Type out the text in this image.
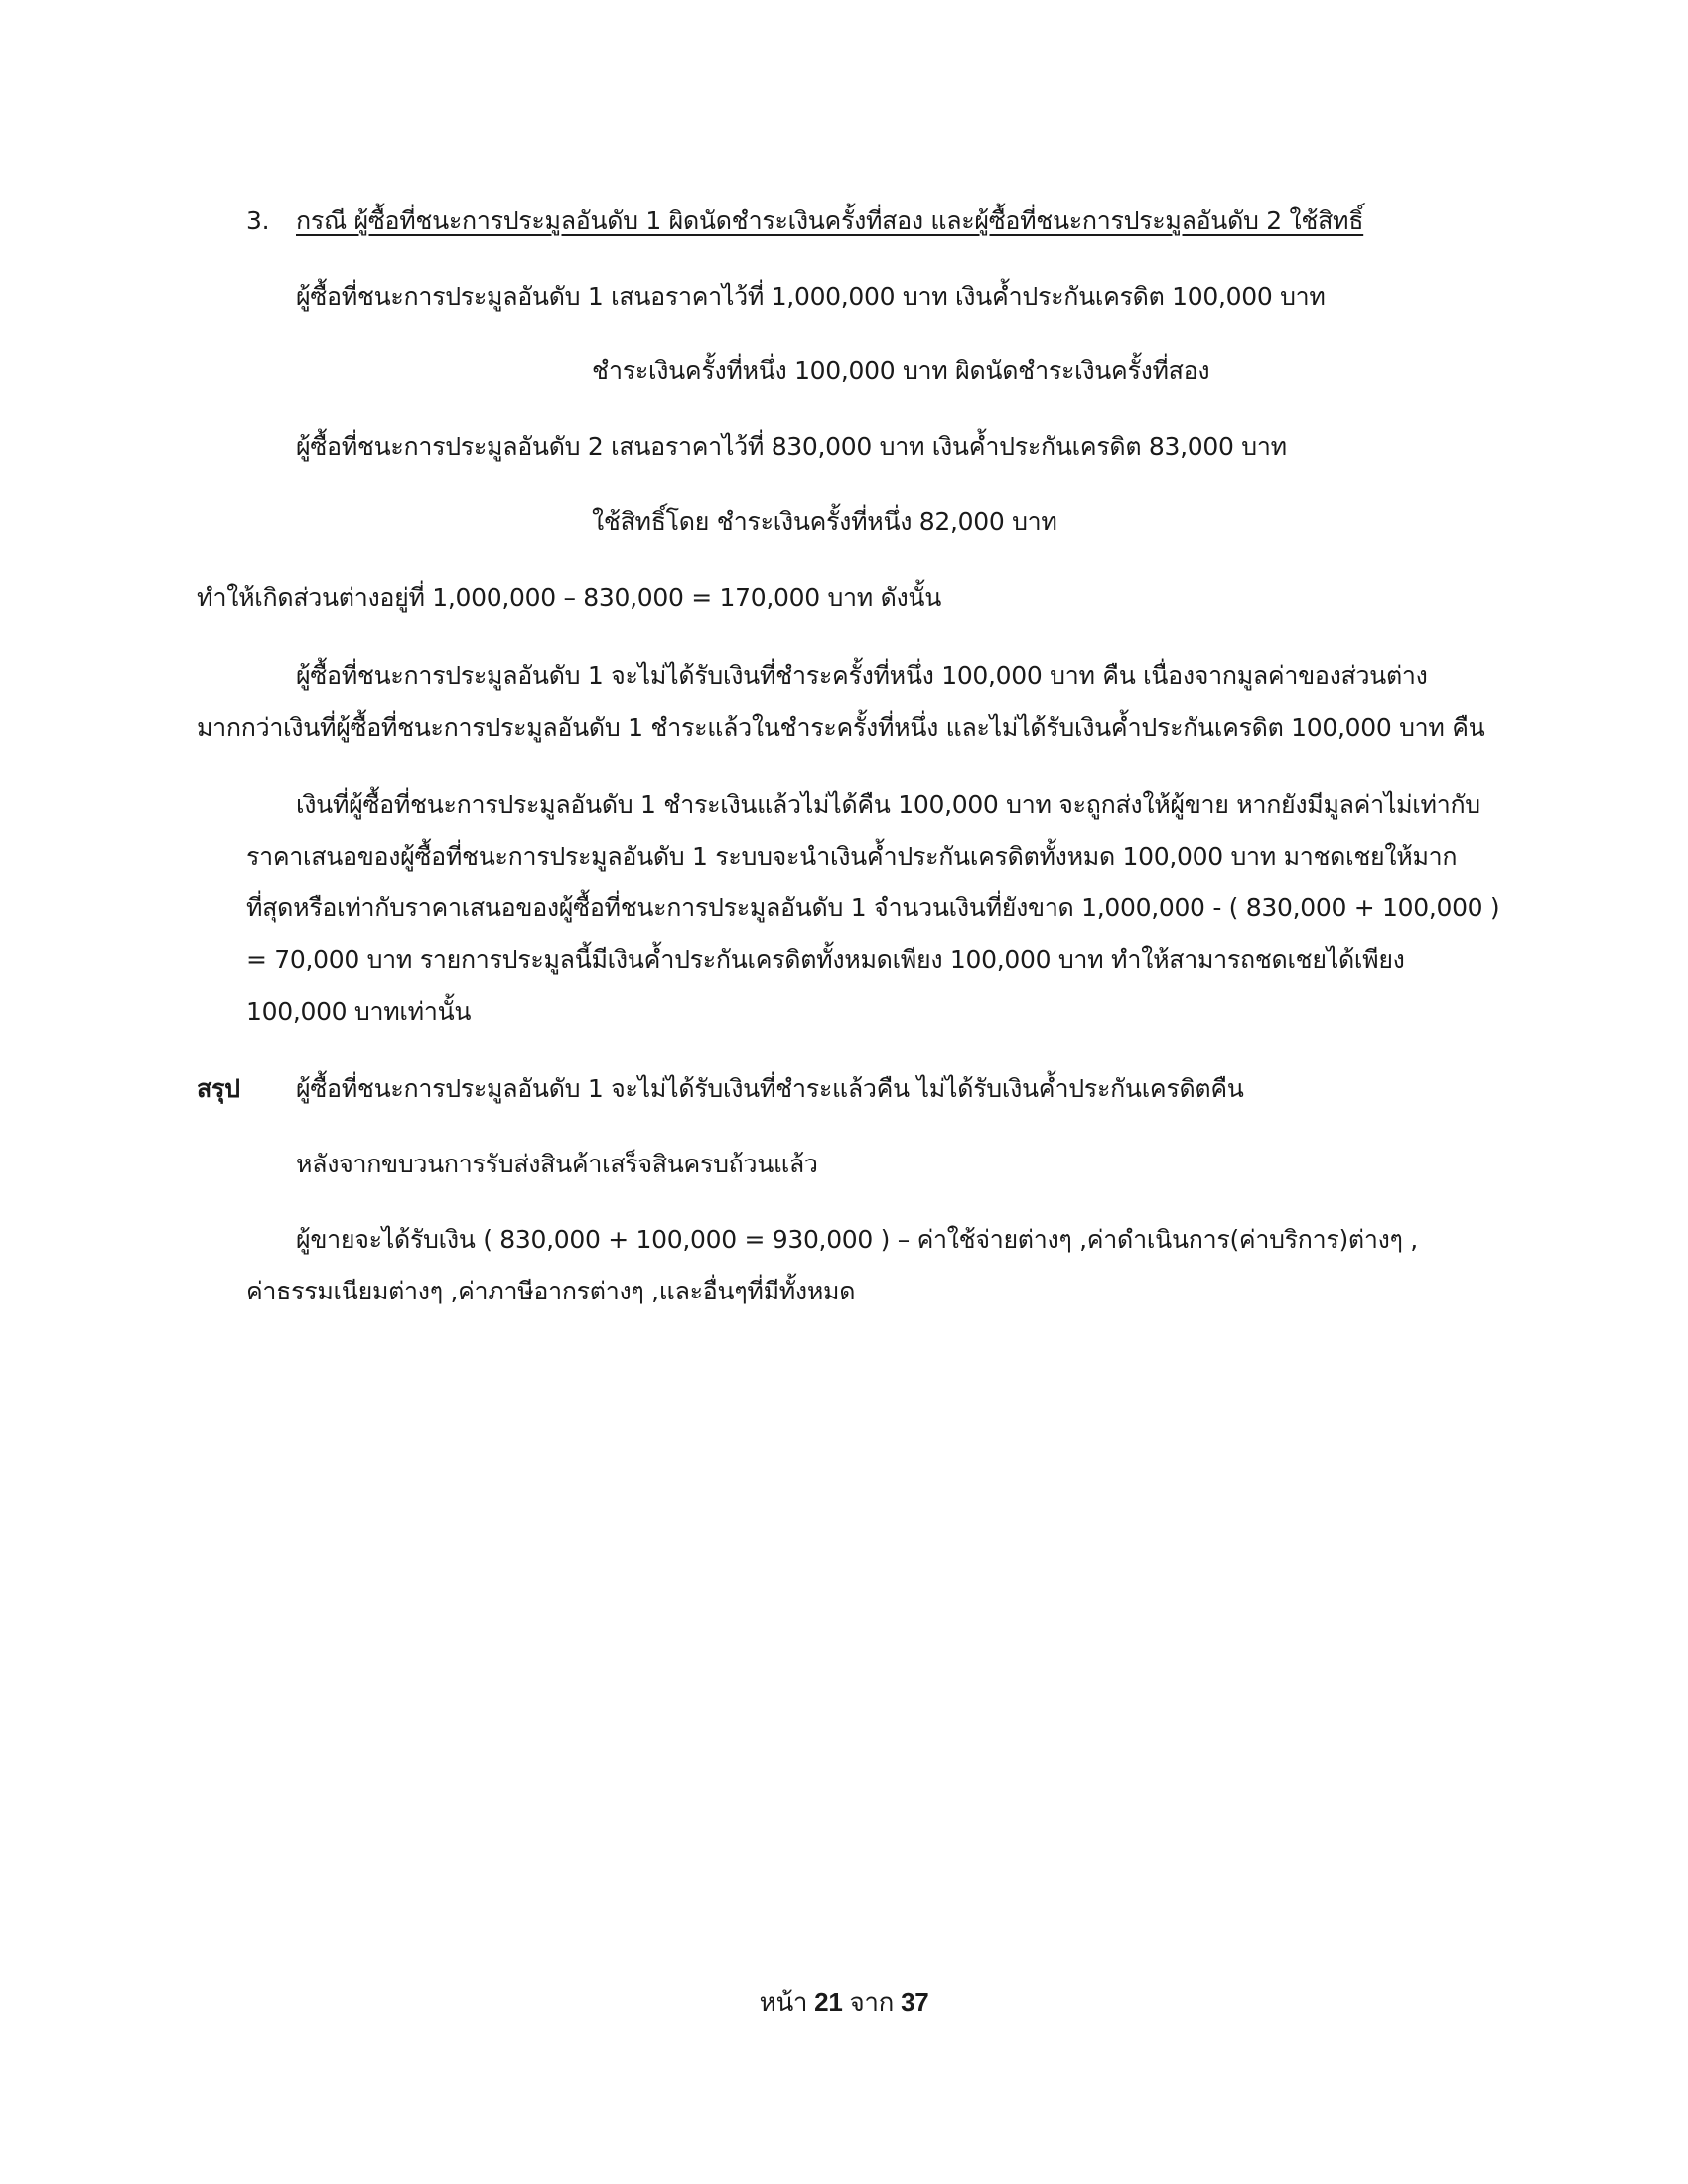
3. กรณี ผู้ซื้อที่ชนะการประมูลอันดับ 1 ผิดนัดชำระเงินครั้งที่สอง และผู้ซื้อที่ชนะการประมูลอันดับ 2 ใช้สิทธิ์
ผู้ซื้อที่ชนะการประมูลอันดับ 1 เสนอราคาไว้ที่ 1,000,000 บาท เงินค้ำประกันเครดิต 100,000 บาท
ชำระเงินครั้งที่หนึ่ง 100,000 บาท ผิดนัดชำระเงินครั้งที่สอง
ผู้ซื้อที่ชนะการประมูลอันดับ 2 เสนอราคาไว้ที่ 830,000 บาท เงินค้ำประกันเครดิต 83,000 บาท
ใช้สิทธิ์โดย ชำระเงินครั้งที่หนึ่ง 82,000 บาท
ทำให้เกิดส่วนต่างอยู่ที่ 1,000,000 – 830,000 = 170,000 บาท ดังนั้น
ผู้ซื้อที่ชนะการประมูลอันดับ 1 จะไม่ได้รับเงินที่ชำระครั้งที่หนึ่ง 100,000 บาท คืน เนื่องจากมูลค่าของส่วนต่าง
มากกว่าเงินที่ผู้ซื้อที่ชนะการประมูลอันดับ 1 ชำระแล้วในชำระครั้งที่หนึ่ง และไม่ได้รับเงินค้ำประกันเครดิต 100,000 บาท คืน
เงินที่ผู้ซื้อที่ชนะการประมูลอันดับ 1 ชำระเงินแล้วไม่ได้คืน 100,000 บาท จะถูกส่งให้ผู้ขาย หากยังมีมูลค่าไม่เท่ากับ
ราคาเสนอของผู้ซื้อที่ชนะการประมูลอันดับ 1 ระบบจะนำเงินค้ำประกันเครดิตทั้งหมด 100,000 บาท มาชดเชยให้มาก
ที่สุดหรือเท่ากับราคาเสนอของผู้ซื้อที่ชนะการประมูลอันดับ 1 จำนวนเงินที่ยังขาด 1,000,000 - ( 830,000 + 100,000 )
= 70,000 บาท รายการประมูลนี้มีเงินค้ำประกันเครดิตทั้งหมดเพียง 100,000 บาท ทำให้สามารถชดเชยได้เพียง
100,000 บาทเท่านั้น
สรุป ผู้ซื้อที่ชนะการประมูลอันดับ 1 จะไม่ได้รับเงินที่ชำระแล้วคืน ไม่ได้รับเงินค้ำประกันเครดิตคืน
หลังจากขบวนการรับส่งสินค้าเสร็จสินครบถ้วนแล้ว
ผู้ขายจะได้รับเงิน ( 830,000 + 100,000 = 930,000 ) – ค่าใช้จ่ายต่างๆ ,ค่าดำเนินการ(ค่าบริการ)ต่างๆ ,
ค่าธรรมเนียมต่างๆ ,ค่าภาษีอากรต่างๆ ,และอื่นๆที่มีทั้งหมด
หน้า 21 จาก 37
